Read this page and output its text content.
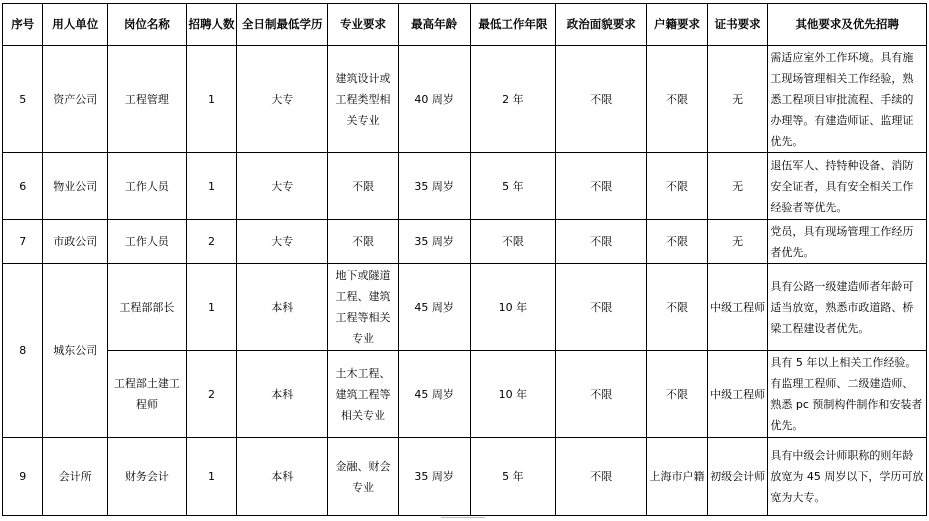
序号	用人单位	岗位名称	招聘人数	全日制最低学历	专业要求	最高年龄	最低工作年限	政治面貌要求	户籍要求	证书要求	其他要求及优先招聘
5	资产公司	工程管理	1	大专	建筑设计或工程类型相关专业	40 周岁	2 年	不限	不限	无	需适应室外工作环境。具有施工现场管理相关工作经验，熟悉工程项目审批流程、手续的办理等。有建造师证、监理证优先。
6	物业公司	工作人员	1	大专	不限	35 周岁	5 年	不限	不限	无	退伍军人、持特种设备、消防安全证者，具有安全相关工作经验者等优先。
7	市政公司	工作人员	2	大专	不限	35 周岁	不限	不限	不限	无	党员，具有现场管理工作经历者优先。
8	城东公司	工程部部长	1	本科	地下或隧道工程、建筑工程等相关专业	45 周岁	10 年	不限	不限	中级工程师	具有公路一级建造师者年龄可适当放宽，熟悉市政道路、桥梁工程建设者优先。
		工程部土建工程师	2	本科	土木工程、建筑工程等相关专业	45 周岁	10 年	不限	不限	中级工程师	具有 5 年以上相关工作经验。有监理工程师、二级建造师、熟悉 pc 预制构件制作和安装者优先。
9	会计所	财务会计	1	本科	金融、财会专业	35 周岁	5 年	不限	上海市户籍	初级会计师	具有中级会计师职称的则年龄放宽为 45 周岁以下，学历可放宽为大专。
